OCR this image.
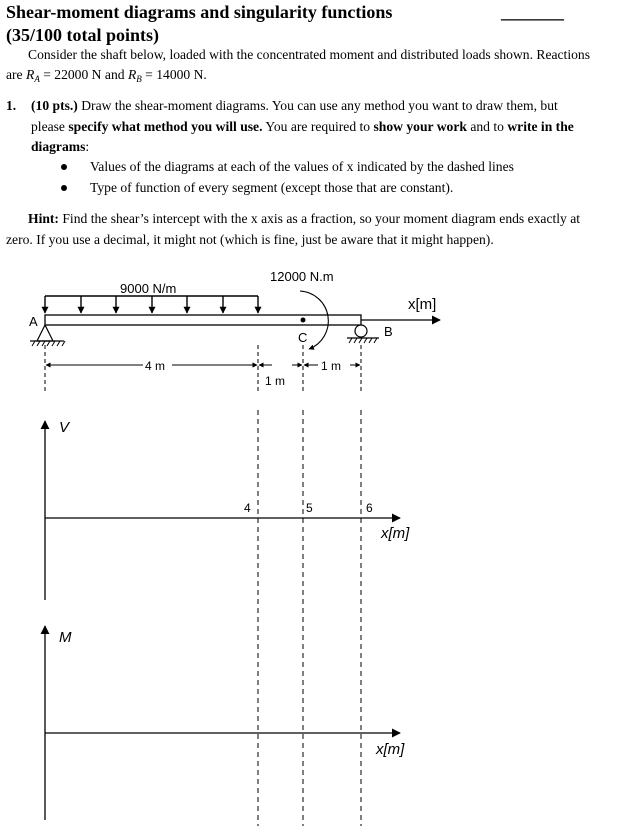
Shear-moment diagrams and singularity functions
(35/100 total points)
_______
Consider the shaft below, loaded with the concentrated moment and distributed loads shown. Reactions
are $R_A = 22000$ N and $R_B = 14000$ N.
1. (10 pts.) Draw the shear-moment diagrams. You can use any method you want to draw them, but
please specify what method you will use. You are required to show your work and to write in the
diagrams:
Values of the diagrams at each of the values of x indicated by the dashed lines
Type of function of every segment (except those that are constant).
Hint: Find the shear’s intercept with the x axis as a fraction, so your moment diagram ends exactly at
zero. If you use a decimal, it might not (which is fine, just be aware that it might happen).
9000 N/m
x[m]
A
B
C
12000 N.m
4 m
1 m
1 m
V
x[m]
4	5	6
M
x[m]
